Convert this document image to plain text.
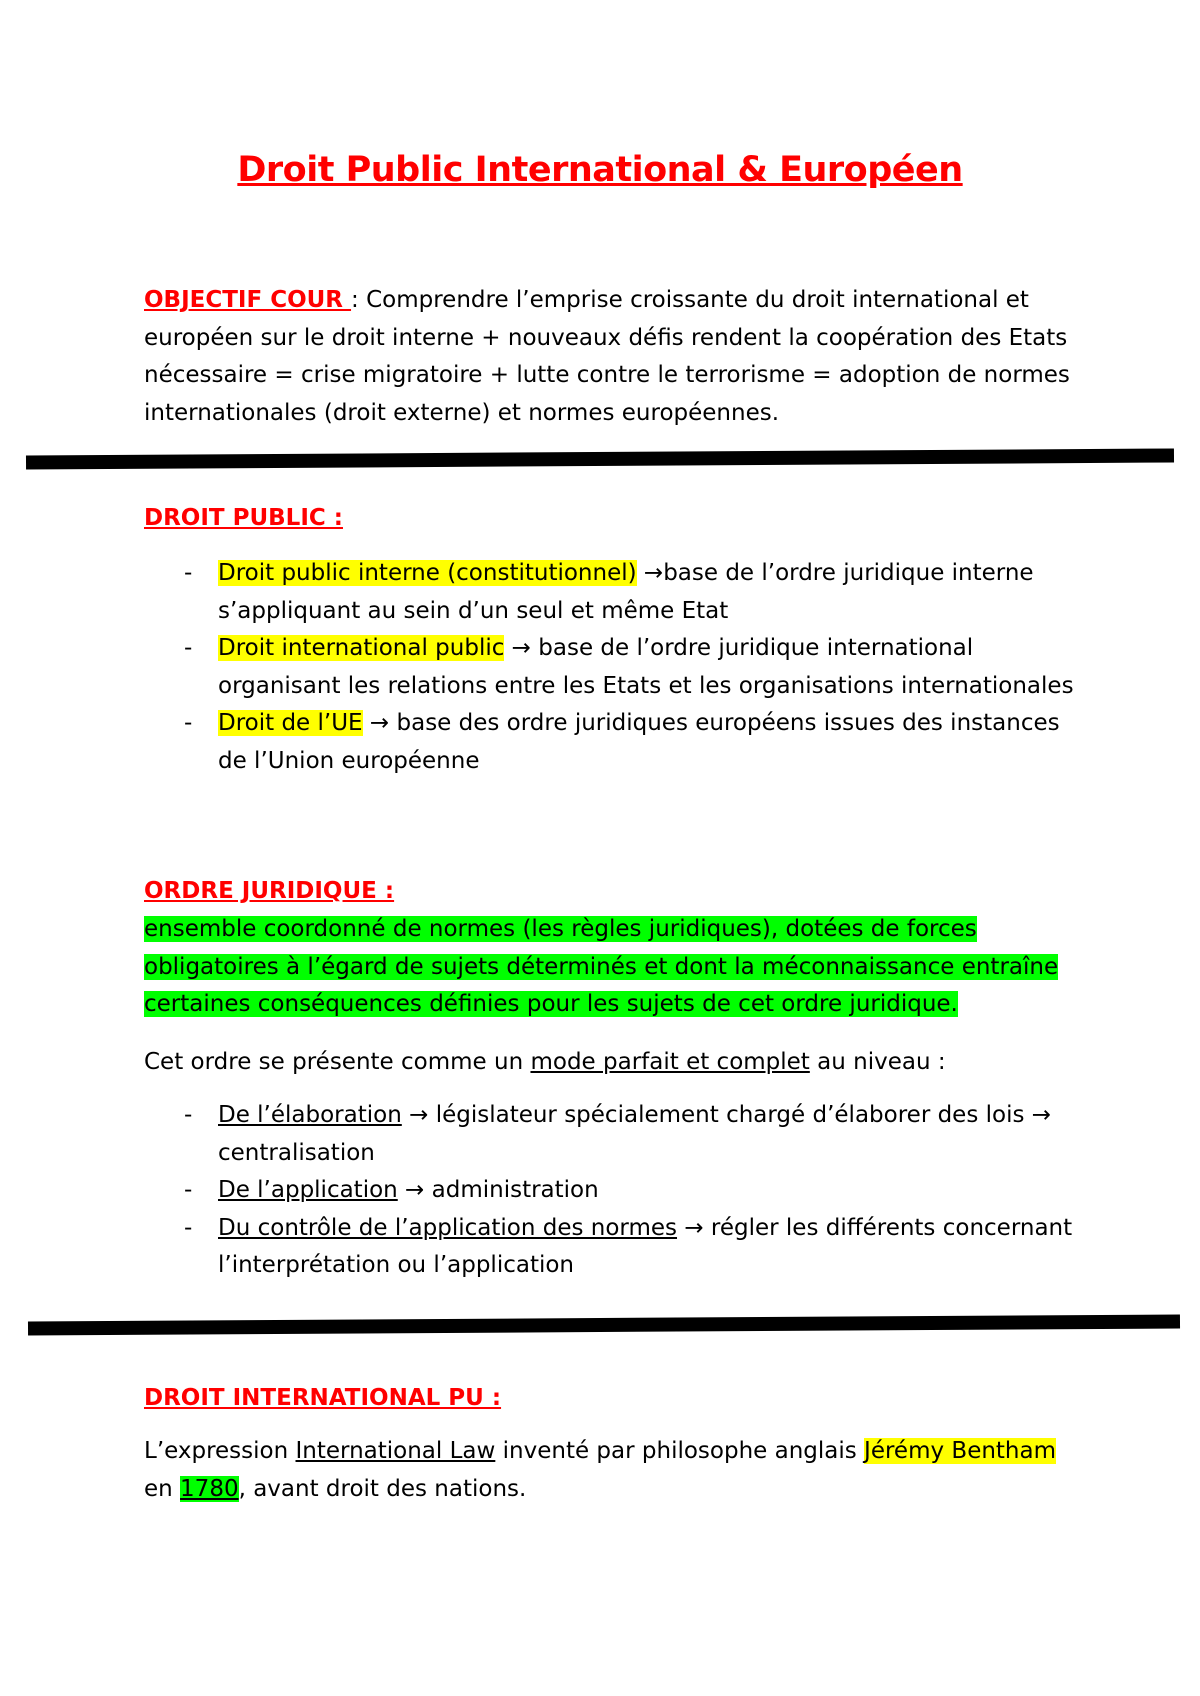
Droit Public International & Européen
OBJECTIF COUR : Comprendre l’emprise croissante du droit international et européen sur le droit interne + nouveaux défis rendent la coopération des Etats nécessaire = crise migratoire + lutte contre le terrorisme = adoption de normes internationales (droit externe) et normes européennes.
DROIT PUBLIC :
- Droit public interne (constitutionnel) →base de l’ordre juridique interne s’appliquant au sein d’un seul et même Etat
- Droit international public → base de l’ordre juridique international organisant les relations entre les Etats et les organisations internationales
- Droit de l’UE → base des ordre juridiques européens issues des instances de l’Union européenne
ORDRE JURIDIQUE :
ensemble coordonné de normes (les règles juridiques), dotées de forces obligatoires à l’égard de sujets déterminés et dont la méconnaissance entraîne certaines conséquences définies pour les sujets de cet ordre juridique.
Cet ordre se présente comme un mode parfait et complet au niveau :
- De l’élaboration → législateur spécialement chargé d’élaborer des lois → centralisation
- De l’application → administration
- Du contrôle de l’application des normes → régler les différents concernant l’interprétation ou l’application
DROIT INTERNATIONAL PU :
L’expression International Law inventé par philosophe anglais Jérémy Bentham
en 1780, avant droit des nations.
